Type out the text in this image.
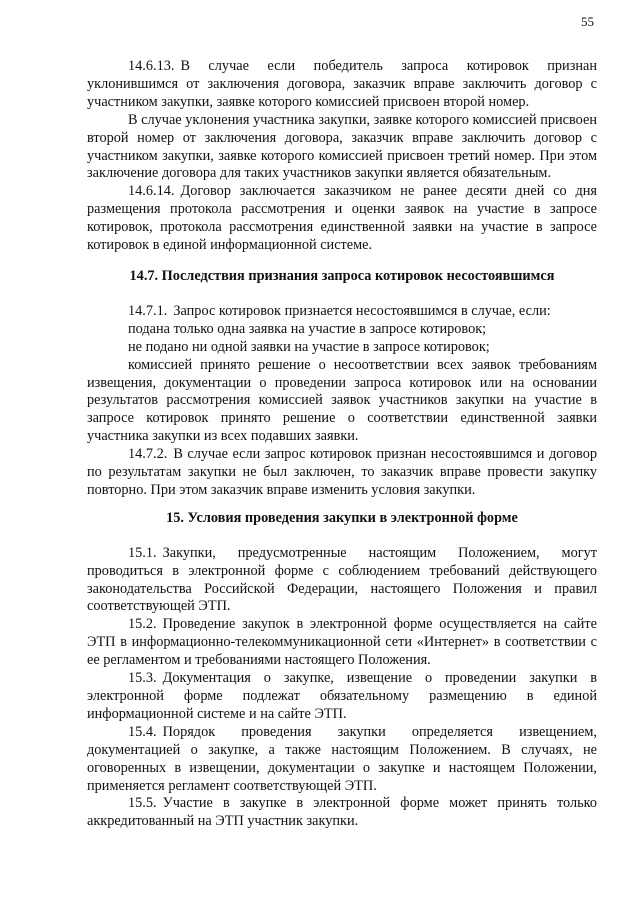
55

14.6.13. В случае если победитель запроса котировок признан уклонившимся от заключения договора, заказчик вправе заключить договор с участником закупки, заявке которого комиссией присвоен второй номер.

В случае уклонения участника закупки, заявке которого комиссией присвоен второй номер от заключения договора, заказчик вправе заключить договор с участником закупки, заявке которого комиссией присвоен третий номер. При этом заключение договора для таких участников закупки является обязательным.

14.6.14. Договор заключается заказчиком не ранее десяти дней со дня размещения протокола рассмотрения и оценки заявок на участие в запросе котировок, протокола рассмотрения единственной заявки на участие в запросе котировок в единой информационной системе.

14.7. Последствия признания запроса котировок несостоявшимся

14.7.1. Запрос котировок признается несостоявшимся в случае, если:

подана только одна заявка на участие в запросе котировок;

не подано ни одной заявки на участие в запросе котировок;

комиссией принято решение о несоответствии всех заявок требованиям извещения, документации о проведении запроса котировок или на основании результатов рассмотрения комиссией заявок участников закупки на участие в запросе котировок принято решение о соответствии единственной заявки участника закупки из всех подавших заявки.

14.7.2. В случае если запрос котировок признан несостоявшимся и договор по результатам закупки не был заключен, то заказчик вправе провести закупку повторно. При этом заказчик вправе изменить условия закупки.

15. Условия проведения закупки в электронной форме

15.1. Закупки, предусмотренные настоящим Положением, могут проводиться в электронной форме с соблюдением требований действующего законодательства Российской Федерации, настоящего Положения и правил соответствующей ЭТП.

15.2. Проведение закупок в электронной форме осуществляется на сайте ЭТП в информационно-телекоммуникационной сети «Интернет» в соответствии с ее регламентом и требованиями настоящего Положения.

15.3. Документация о закупке, извещение о проведении закупки в электронной форме подлежат обязательному размещению в единой информационной системе и на сайте ЭТП.

15.4. Порядок проведения закупки определяется извещением, документацией о закупке, а также настоящим Положением. В случаях, не оговоренных в извещении, документации о закупке и настоящем Положении, применяется регламент соответствующей ЭТП.

15.5. Участие в закупке в электронной форме может принять только аккредитованный на ЭТП участник закупки.
